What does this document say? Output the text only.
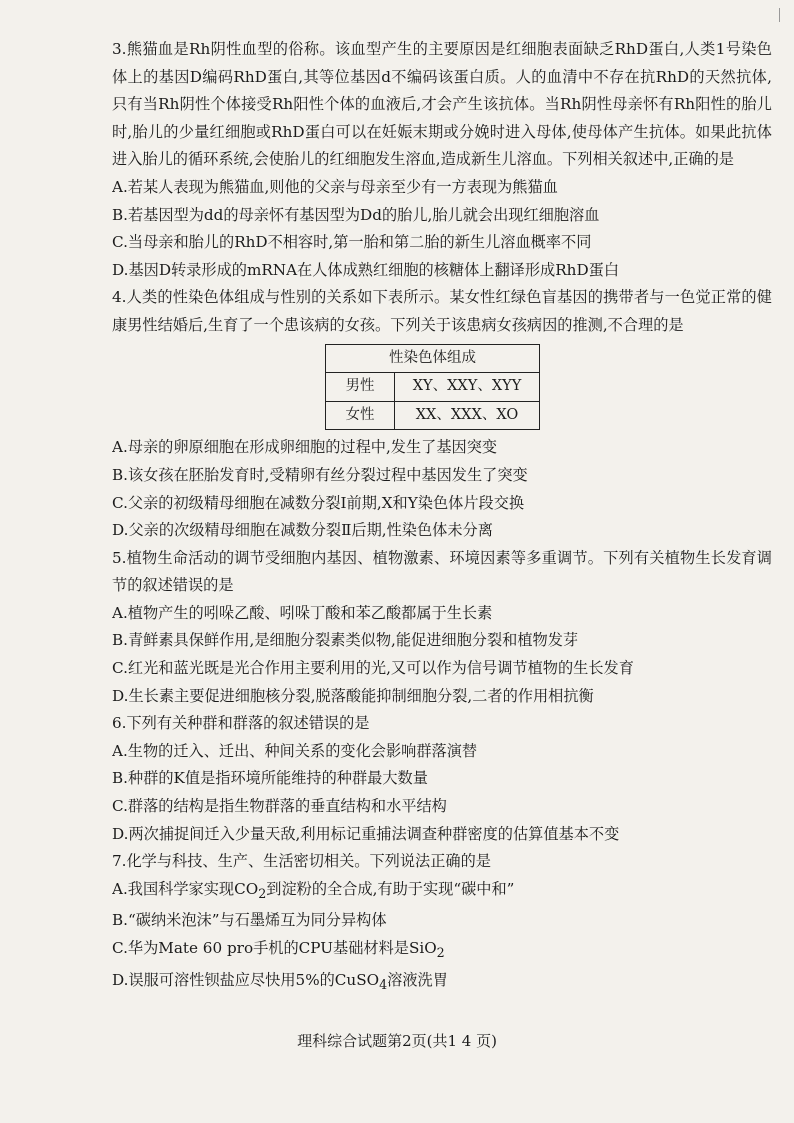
3.熊猫血是Rh阴性血型的俗称。该血型产生的主要原因是红细胞表面缺乏RhD蛋白,人类1号染色体上的基因D编码RhD蛋白,其等位基因d不编码该蛋白质。人的血清中不存在抗RhD的天然抗体,只有当Rh阴性个体接受Rh阳性个体的血液后,才会产生该抗体。当Rh阴性母亲怀有Rh阳性的胎儿时,胎儿的少量红细胞或RhD蛋白可以在妊娠末期或分娩时进入母体,使母体产生抗体。如果此抗体进入胎儿的循环系统,会使胎儿的红细胞发生溶血,造成新生儿溶血。下列相关叙述中,正确的是

A.若某人表现为熊猫血,则他的父亲与母亲至少有一方表现为熊猫血

B.若基因型为dd的母亲怀有基因型为Dd的胎儿,胎儿就会出现红细胞溶血

C.当母亲和胎儿的RhD不相容时,第一胎和第二胎的新生儿溶血概率不同

D.基因D转录形成的mRNA在人体成熟红细胞的核糖体上翻译形成RhD蛋白

4.人类的性染色体组成与性别的关系如下表所示。某女性红绿色盲基因的携带者与一色觉正常的健康男性结婚后,生育了一个患该病的女孩。下列关于该患病女孩病因的推测,不合理的是

性染色体组成	
男性	XY、XXY、XYY
女性	XX、XXX、XO

A.母亲的卵原细胞在形成卵细胞的过程中,发生了基因突变

B.该女孩在胚胎发育时,受精卵有丝分裂过程中基因发生了突变

C.父亲的初级精母细胞在减数分裂Ⅰ前期,X和Y染色体片段交换

D.父亲的次级精母细胞在减数分裂Ⅱ后期,性染色体未分离

5.植物生命活动的调节受细胞内基因、植物激素、环境因素等多重调节。下列有关植物生长发育调节的叙述错误的是

A.植物产生的吲哚乙酸、吲哚丁酸和苯乙酸都属于生长素

B.青鲜素具保鲜作用,是细胞分裂素类似物,能促进细胞分裂和植物发芽

C.红光和蓝光既是光合作用主要利用的光,又可以作为信号调节植物的生长发育

D.生长素主要促进细胞核分裂,脱落酸能抑制细胞分裂,二者的作用相抗衡

6.下列有关种群和群落的叙述错误的是

A.生物的迁入、迁出、种间关系的变化会影响群落演替

B.种群的K值是指环境所能维持的种群最大数量

C.群落的结构是指生物群落的垂直结构和水平结构

D.两次捕捉间迁入少量天敌,利用标记重捕法调查种群密度的估算值基本不变

7.化学与科技、生产、生活密切相关。下列说法正确的是

A.我国科学家实现$CO_2$到淀粉的全合成,有助于实现“碳中和”

B.“碳纳米泡沫”与石墨烯互为同分异构体

C.华为Mate 60 pro手机的CPU基础材料是SiO$_2$

D.误服可溶性钡盐应尽快用5%的CuSO$_4$溶液洗胃

理科综合试题第2页(共1 4 页)
